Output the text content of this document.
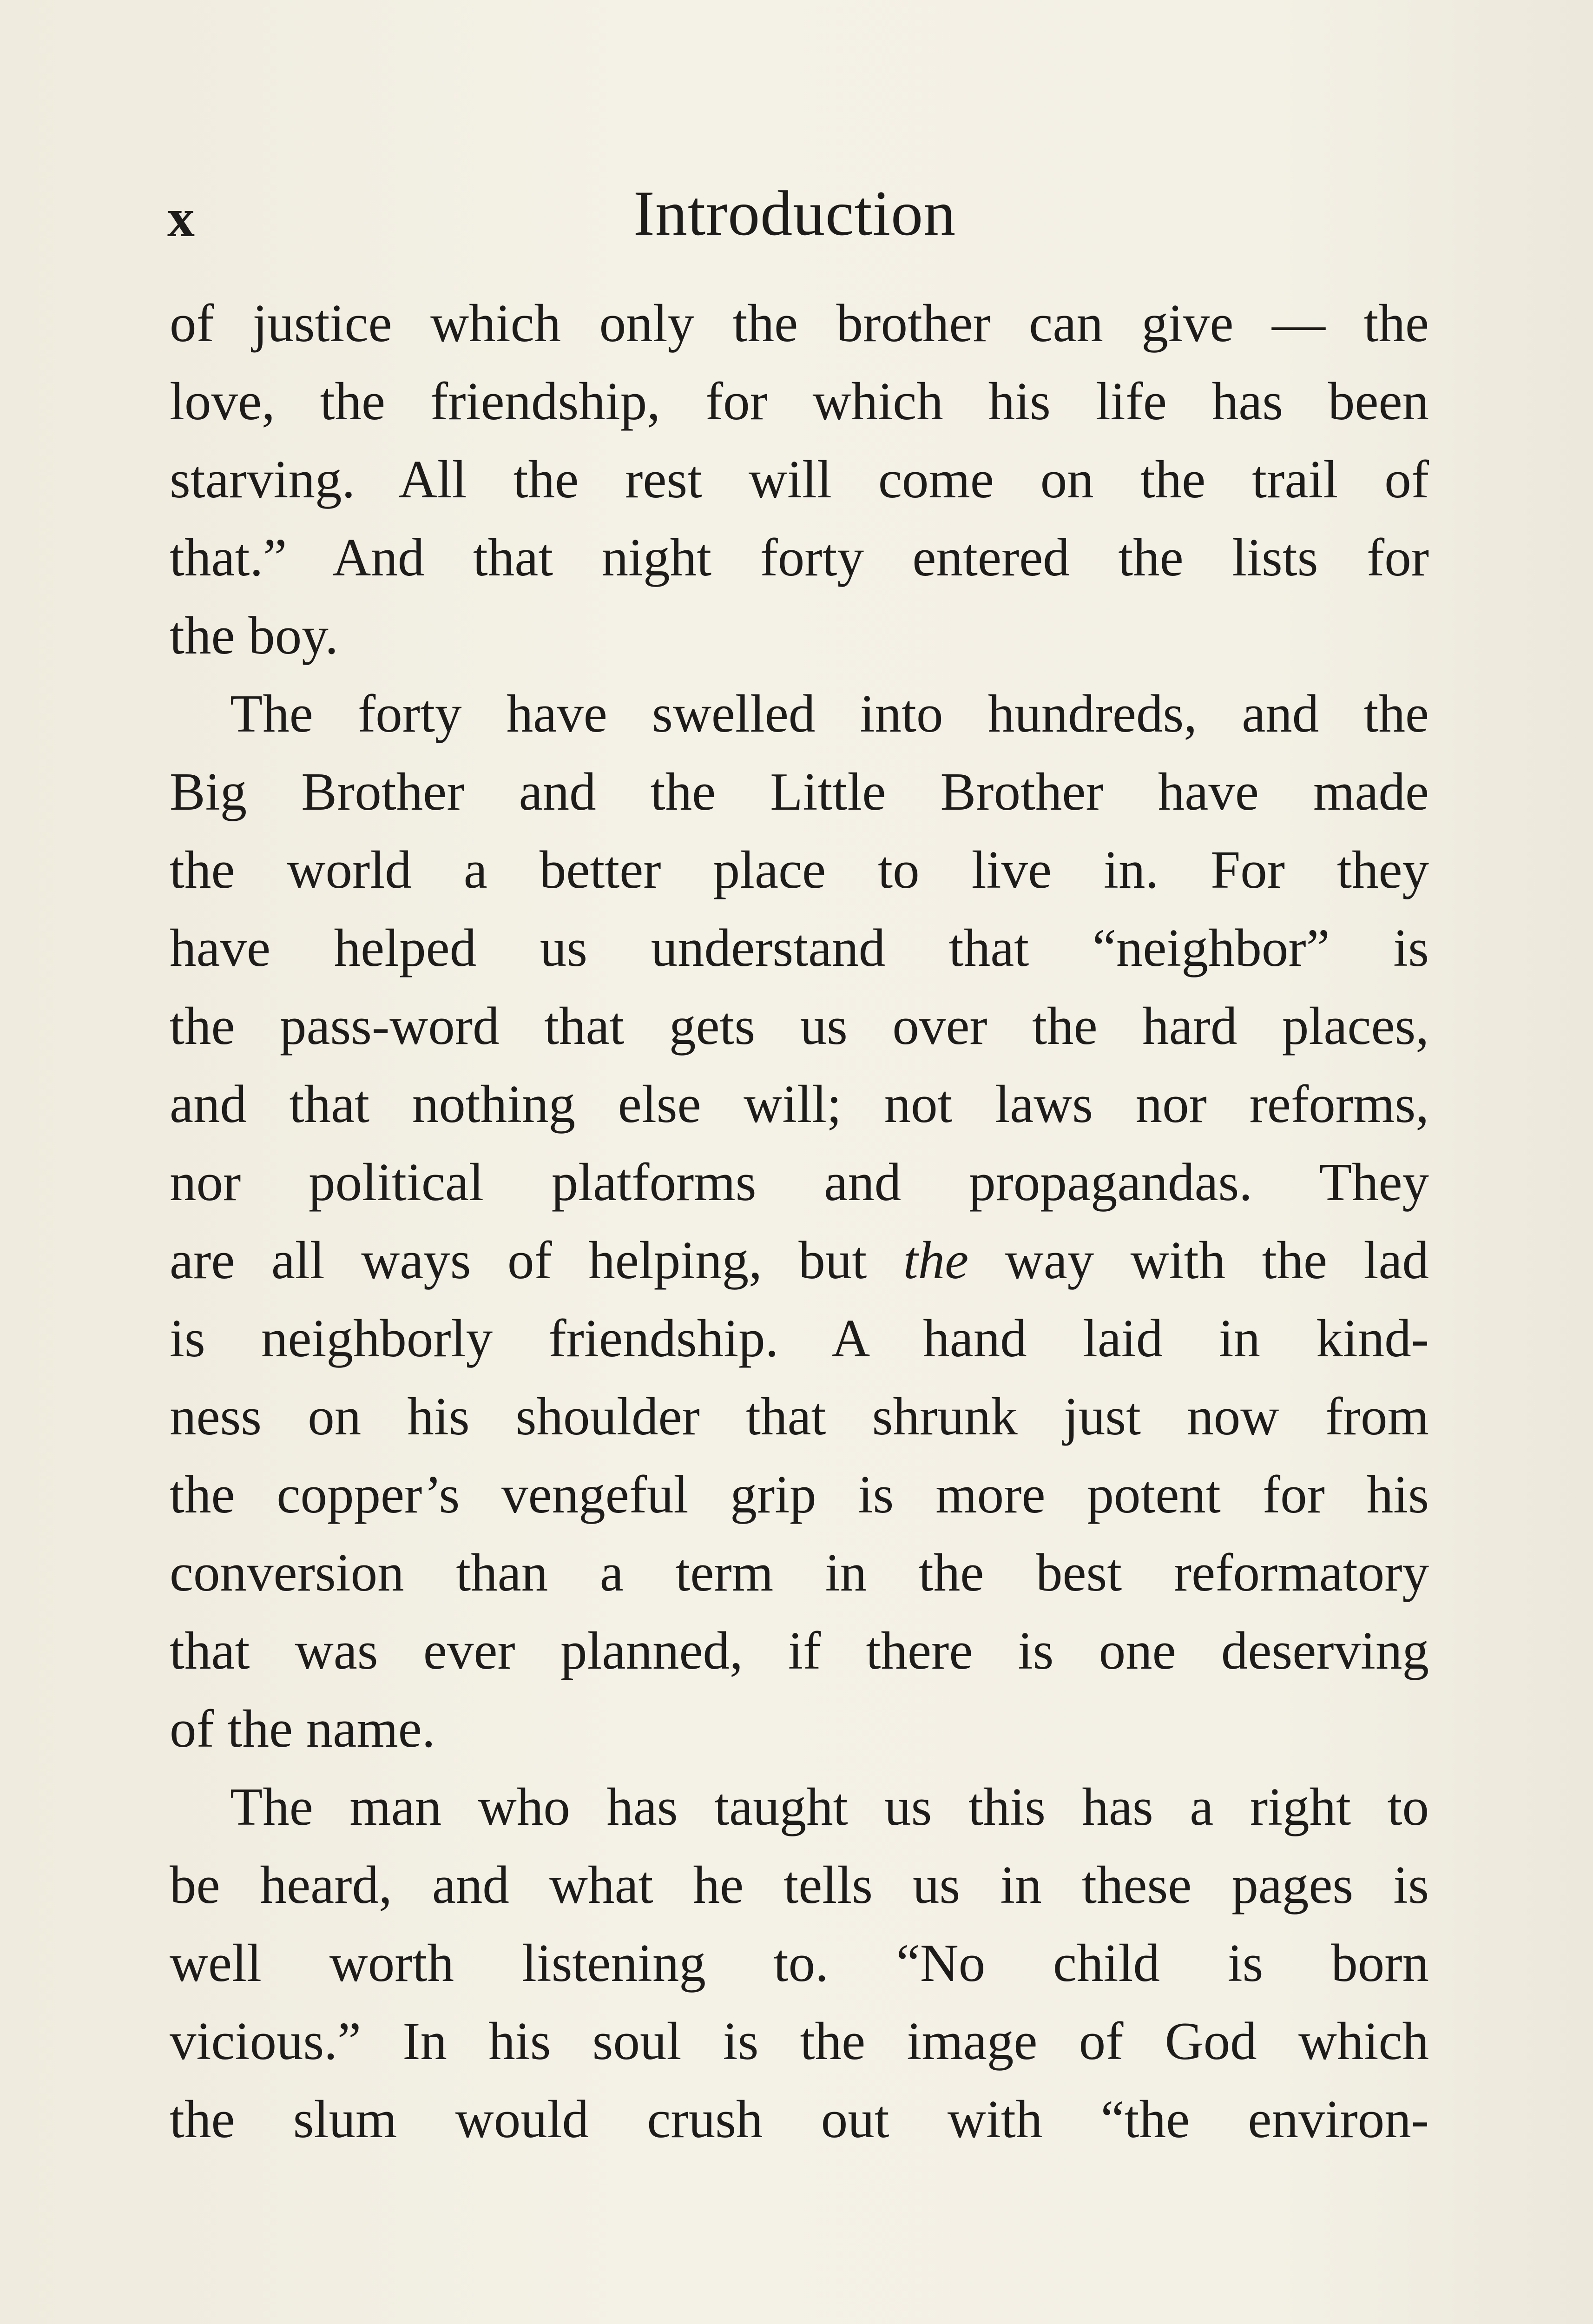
x	Introduction
of justice which only the brother can give — the
love, the friendship, for which his life has been
starving. All the rest will come on the trail of
that.” And that night forty entered the lists for
the boy.
The forty have swelled into hundreds, and the
Big Brother and the Little Brother have made
the world a better place to live in. For they
have helped us understand that “neighbor” is
the pass-word that gets us over the hard places,
and that nothing else will; not laws nor reforms,
nor political platforms and propagandas. They
are all ways of helping, but the way with the lad
is neighborly friendship. A hand laid in kind-
ness on his shoulder that shrunk just now from
the copper’s vengeful grip is more potent for his
conversion than a term in the best reformatory
that was ever planned, if there is one deserving
of the name.
The man who has taught us this has a right to
be heard, and what he tells us in these pages is
well worth listening to. “No child is born
vicious.” In his soul is the image of God which
the slum would crush out with “the environ-
